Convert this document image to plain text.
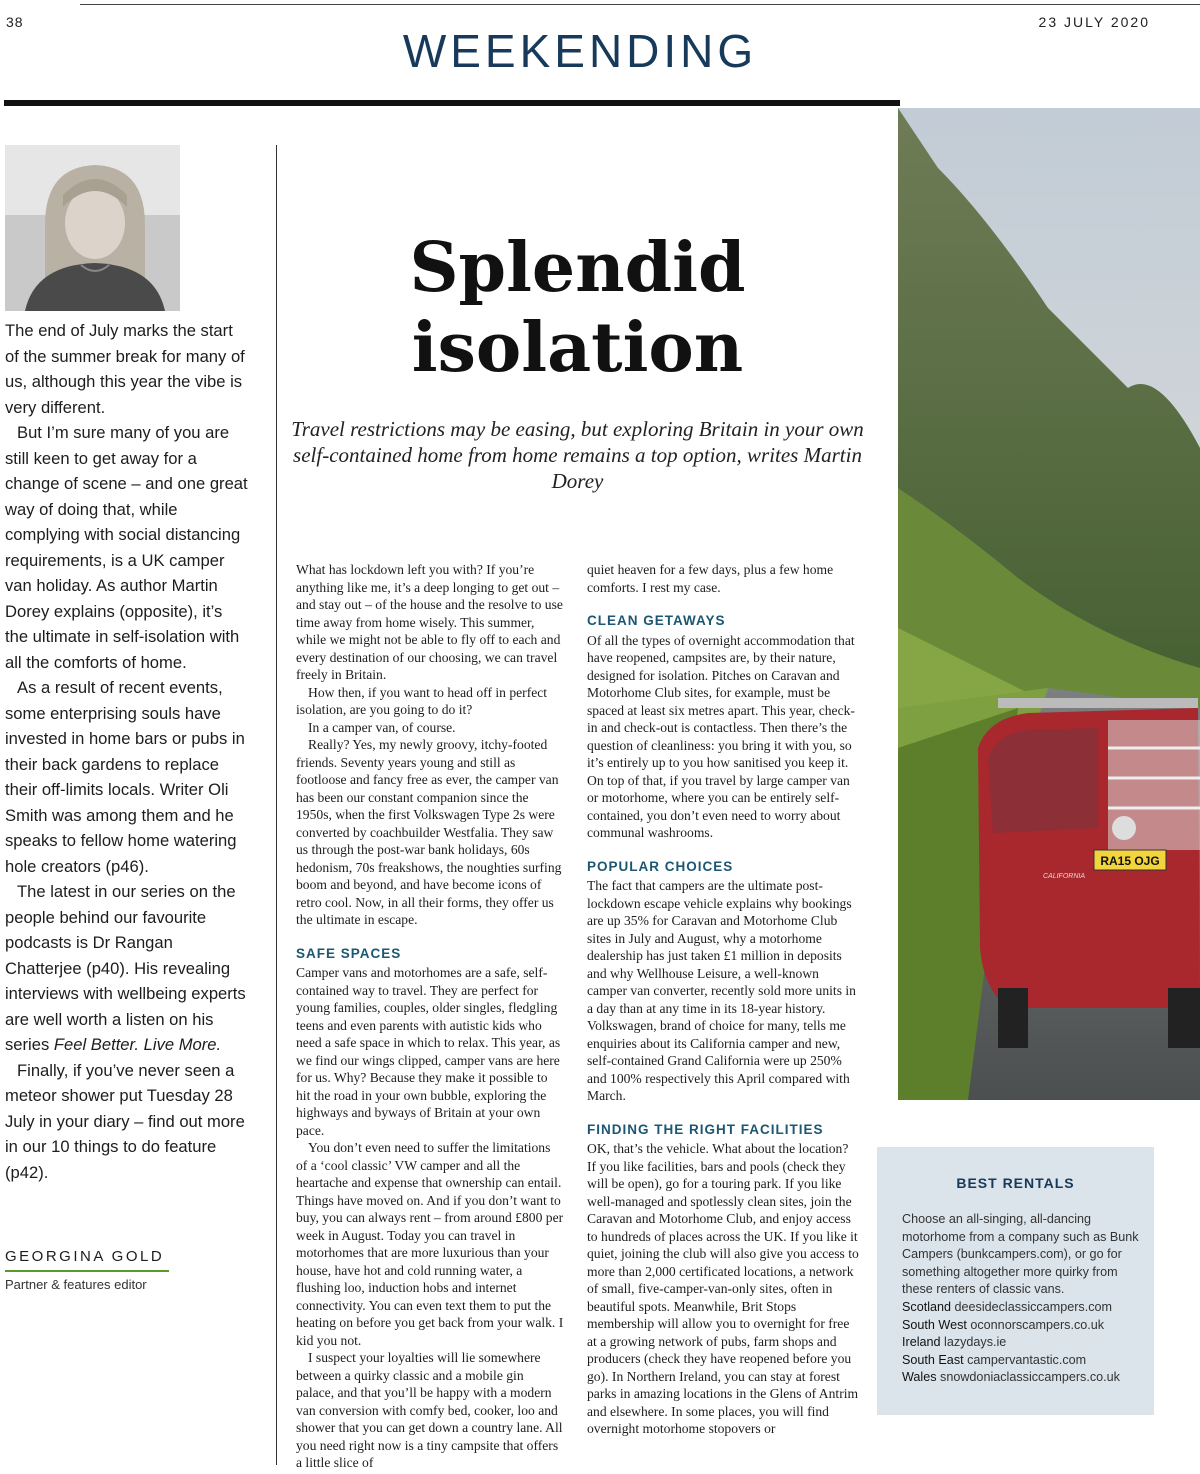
38
WEEKENDING
23 JULY 2020

The end of July marks the start of the summer break for many of us, although this year the vibe is very different.

But I’m sure many of you are still keen to get away for a change of scene – and one great way of doing that, while complying with social distancing requirements, is a UK camper van holiday. As author Martin Dorey explains (opposite), it’s the ultimate in self-isolation with all the comforts of home.

As a result of recent events, some enterprising souls have invested in home bars or pubs in their back gardens to replace their off-limits locals. Writer Oli Smith was among them and he speaks to fellow home watering hole creators (p46).

The latest in our series on the people behind our favourite podcasts is Dr Rangan Chatterjee (p40). His revealing interviews with wellbeing experts are well worth a listen on his series Feel Better. Live More.

Finally, if you’ve never seen a meteor shower put Tuesday 28 July in your diary – find out more in our 10 things to do feature (p42).

GEORGINA GOLD
Partner & features editor
Splendid
isolation
Travel restrictions may be easing, but exploring Britain in your own self-contained home from home remains a top option, writes Martin Dorey

What has lockdown left you with? If you’re anything like me, it’s a deep longing to get out – and stay out – of the house and the resolve to use time away from home wisely. This summer, while we might not be able to fly off to each and every destination of our choosing, we can travel freely in Britain.

How then, if you want to head off in perfect isolation, are you going to do it?

In a camper van, of course.

Really? Yes, my newly groovy, itchy-footed friends. Seventy years young and still as footloose and fancy free as ever, the camper van has been our constant companion since the 1950s, when the first Volkswagen Type 2s were converted by coachbuilder Westfalia. They saw us through the post-war bank holidays, 60s hedonism, 70s freakshows, the noughties surfing boom and beyond, and have become icons of retro cool. Now, in all their forms, they offer us the ultimate in escape.

SAFE SPACES

Camper vans and motorhomes are a safe, self-contained way to travel. They are perfect for young families, couples, older singles, fledgling teens and even parents with autistic kids who need a safe space in which to relax. This year, as we find our wings clipped, camper vans are here for us. Why? Because they make it possible to hit the road in your own bubble, exploring the highways and byways of Britain at your own pace.

You don’t even need to suffer the limitations of a ‘cool classic’ VW camper and all the heartache and expense that ownership can entail. Things have moved on. And if you don’t want to buy, you can always rent – from around £800 per week in August. Today you can travel in motorhomes that are more luxurious than your house, have hot and cold running water, a flushing loo, induction hobs and internet connectivity. You can even text them to put the heating on before you get back from your walk. I kid you not.

I suspect your loyalties will lie somewhere between a quirky classic and a mobile gin palace, and that you’ll be happy with a modern van conversion with comfy bed, cooker, loo and shower that you can get down a country lane. All you need right now is a tiny campsite that offers a little slice of

quiet heaven for a few days, plus a few home comforts. I rest my case.

CLEAN GETAWAYS

Of all the types of overnight accommodation that have reopened, campsites are, by their nature, designed for isolation. Pitches on Caravan and Motorhome Club sites, for example, must be spaced at least six metres apart. This year, check-in and check-out is contactless. Then there’s the question of cleanliness: you bring it with you, so it’s entirely up to you how sanitised you keep it. On top of that, if you travel by large camper van or motorhome, where you can be entirely self-contained, you don’t even need to worry about communal washrooms.

POPULAR CHOICES

The fact that campers are the ultimate post-lockdown escape vehicle explains why bookings are up 35% for Caravan and Motorhome Club sites in July and August, why a motorhome dealership has just taken £1 million in deposits and why Wellhouse Leisure, a well-known camper van converter, recently sold more units in a day than at any time in its 18-year history. Volkswagen, brand of choice for many, tells me enquiries about its California camper and new, self-contained Grand California were up 250% and 100% respectively this April compared with March.

FINDING THE RIGHT FACILITIES

OK, that’s the vehicle. What about the location? If you like facilities, bars and pools (check they will be open), go for a touring park. If you like well-managed and spotlessly clean sites, join the Caravan and Motorhome Club, and enjoy access to hundreds of places across the UK. If you like it quiet, joining the club will also give you access to more than 2,000 certificated locations, a network of small, five-camper-van-only sites, often in beautiful spots. Meanwhile, Brit Stops membership will allow you to overnight for free at a growing network of pubs, farm shops and producers (check they have reopened before you go). In Northern Ireland, you can stay at forest parks in amazing locations in the Glens of Antrim and elsewhere. In some places, you will find overnight motorhome stopovers or

RA15 OJG
CALIFORNIA
BEST RENTALS

Choose an all-singing, all-dancing motorhome from a company such as Bunk Campers (bunkcampers.com), or go for something altogether more quirky from these renters of classic vans.

Scotland deesideclassiccampers.com

South West oconnorscampers.co.uk

Ireland lazydays.ie

South East campervantastic.com

Wales snowdoniaclassiccampers.co.uk
